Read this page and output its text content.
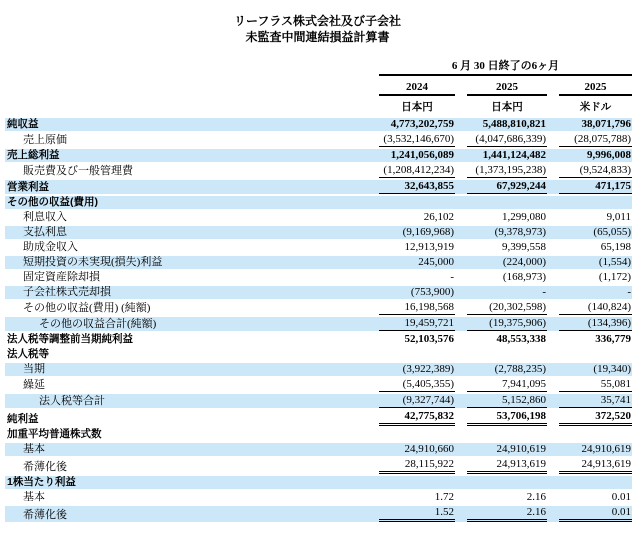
リーフラス株式会社及び子会社
未監査中間連結損益計算書

	6 月 30 日終了の6ヶ月		

	2024	2025	2025

	日本円	日本円	米ドル

純収益	4,773,202,759	5,488,810,821	38,071,796

売上原価	(3,532,146,670)	(4,047,686,339)	(28,075,788)

売上総利益	1,241,056,089	1,441,124,482	9,996,008

販売費及び一般管理費	(1,208,412,234)	(1,373,195,238)	(9,524,833)

営業利益	32,643,855	67,929,244	471,175

その他の収益(費用)			

利息収入	26,102	1,299,080	9,011

支払利息	(9,169,968)	(9,378,973)	(65,055)

助成金収入	12,913,919	9,399,558	65,198

短期投資の未実現(損失)利益	245,000	(224,000)	(1,554)

固定資産除却損	-	(168,973)	(1,172)

子会社株式売却損	(753,900)	-	-

その他の収益(費用) (純額)	16,198,568	(20,302,598)	(140,824)

その他の収益合計(純額)	19,459,721	(19,375,906)	(134,396)

法人税等調整前当期純利益	52,103,576	48,553,338	336,779

法人税等			

当期	(3,922,389)	(2,788,235)	(19,340)

繰延	(5,405,355)	7,941,095	55,081

法人税等合計	(9,327,744)	5,152,860	35,741

純利益	42,775,832	53,706,198	372,520

加重平均普通株式数			

基本	24,910,660	24,910,619	24,910,619

希薄化後	28,115,922	24,913,619	24,913,619

1株当たり利益			

基本	1.72	2.16	0.01

希薄化後	1.52	2.16	0.01
